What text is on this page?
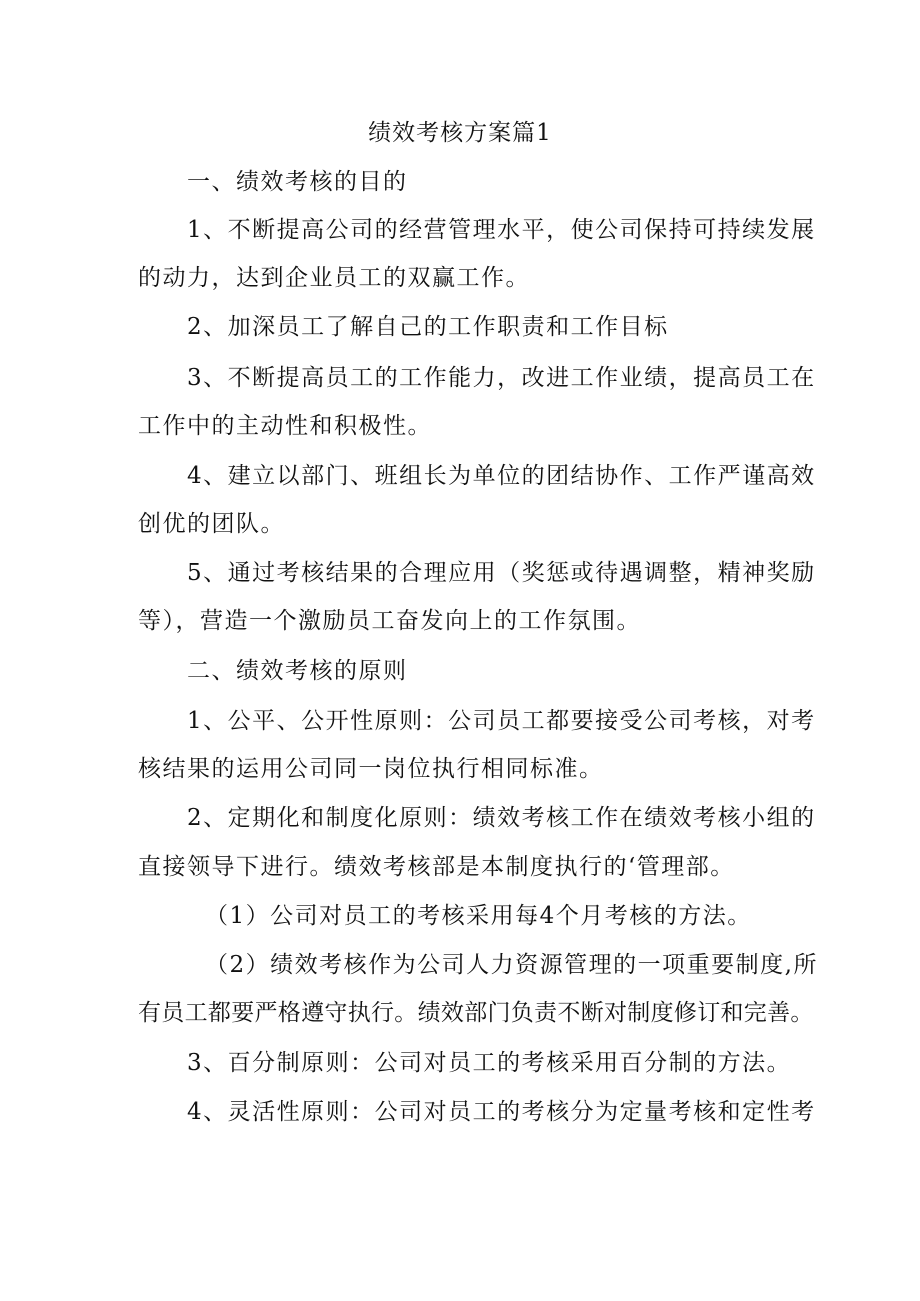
绩效考核方案篇1
一、绩效考核的目的
1、不断提高公司的经营管理水平，使公司保持可持续发展
的动力，达到企业员工的双赢工作。
2、加深员工了解自己的工作职责和工作目标
3、不断提高员工的工作能力，改进工作业绩，提高员工在
工作中的主动性和积极性。
4、建立以部门、班组长为单位的团结协作、工作严谨高效
创优的团队。
5、通过考核结果的合理应用（奖惩或待遇调整，精神奖励
等），营造一个激励员工奋发向上的工作氛围。
二、绩效考核的原则
1、公平、公开性原则：公司员工都要接受公司考核，对考
核结果的运用公司同一岗位执行相同标准。
2、定期化和制度化原则：绩效考核工作在绩效考核小组的
直接领导下进行。绩效考核部是本制度执行的‘管理部。
（1）公司对员工的考核采用每4个月考核的方法。
（2）绩效考核作为公司人力资源管理的一项重要制度,所
有员工都要严格遵守执行。绩效部门负责不断对制度修订和完善。
3、百分制原则：公司对员工的考核采用百分制的方法。
4、灵活性原则：公司对员工的考核分为定量考核和定性考
